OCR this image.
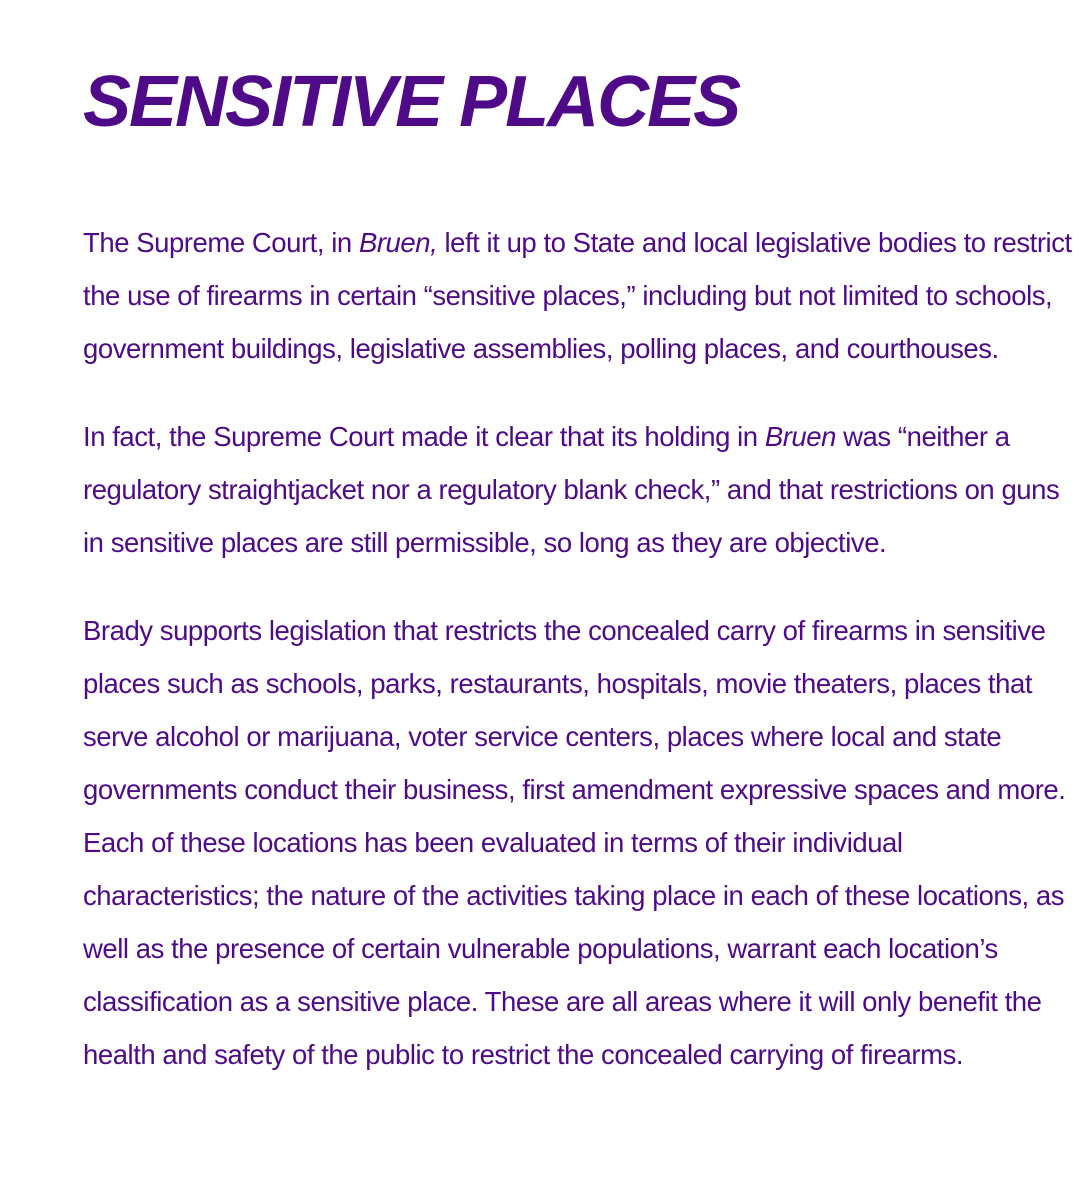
SENSITIVE PLACES

The Supreme Court, in Bruen, left it up to State and local legislative bodies to restrict the use of firearms in certain “sensitive places,” including but not limited to schools, government buildings, legislative assemblies, polling places, and courthouses.

In fact, the Supreme Court made it clear that its holding in Bruen was “neither a regulatory straightjacket nor a regulatory blank check,” and that restrictions on guns in sensitive places are still permissible, so long as they are objective.

Brady supports legislation that restricts the concealed carry of firearms in sensitive places such as schools, parks, restaurants, hospitals, movie theaters, places that serve alcohol or marijuana, voter service centers, places where local and state governments conduct their business, first amendment expressive spaces and more. Each of these locations has been evaluated in terms of their individual characteristics; the nature of the activities taking place in each of these locations, as well as the presence of certain vulnerable populations, warrant each location’s classification as a sensitive place. These are all areas where it will only benefit the health and safety of the public to restrict the concealed carrying of firearms.
